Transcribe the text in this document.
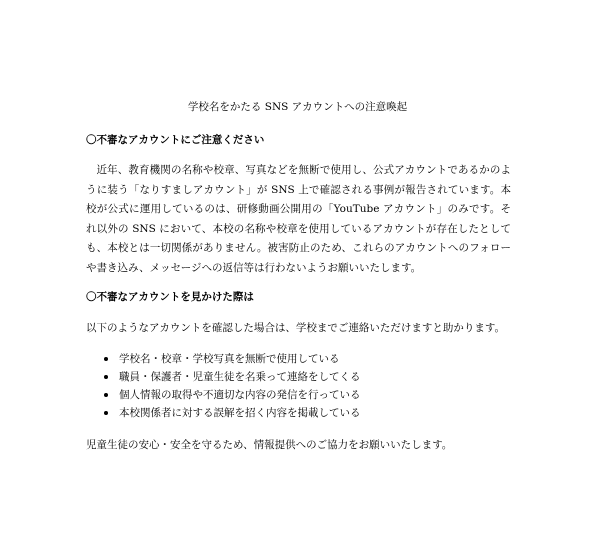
学校名をかたる SNS アカウントへの注意喚起
〇不審なアカウントにご注意ください
近年、教育機関の名称や校章、写真などを無断で使用し、公式アカウントであるかのように装う「なりすましアカウント」が SNS 上で確認される事例が報告されています。本校が公式に運用しているのは、研修動画公開用の「YouTube アカウント」のみです。それ以外の SNS において、本校の名称や校章を使用しているアカウントが存在したとしても、本校とは一切関係がありません。被害防止のため、これらのアカウントへのフォローや書き込み、メッセージへの返信等は行わないようお願いいたします。
〇不審なアカウントを見かけた際は
以下のようなアカウントを確認した場合は、学校までご連絡いただけますと助かります。
学校名・校章・学校写真を無断で使用している
職員・保護者・児童生徒を名乗って連絡をしてくる
個人情報の取得や不適切な内容の発信を行っている
本校関係者に対する誤解を招く内容を掲載している
児童生徒の安心・安全を守るため、情報提供へのご協力をお願いいたします。
